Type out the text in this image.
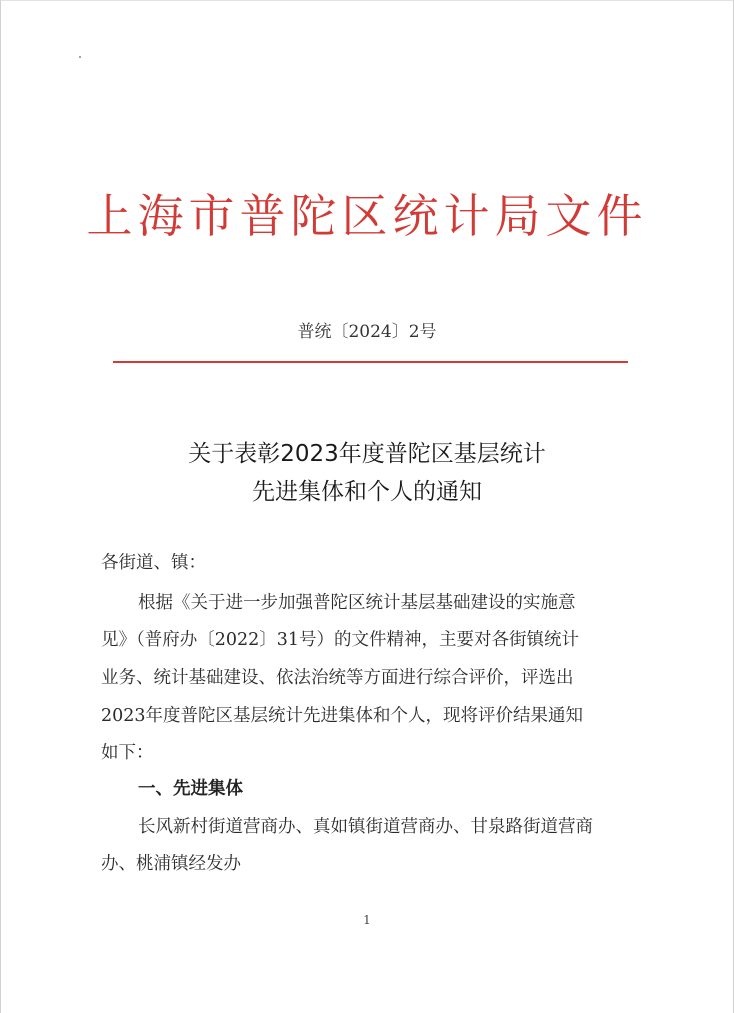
上海市普陀区统计局文件
普统〔2024〕2号
关于表彰2023年度普陀区基层统计
先进集体和个人的通知
各街道、镇：
根据《关于进一步加强普陀区统计基层基础建设的实施意
见》（普府办〔2022〕31号）的文件精神，主要对各街镇统计
业务、统计基础建设、依法治统等方面进行综合评价，评选出
2023年度普陀区基层统计先进集体和个人，现将评价结果通知
如下：
一、先进集体
长风新村街道营商办、真如镇街道营商办、甘泉路街道营商
办、桃浦镇经发办
1
